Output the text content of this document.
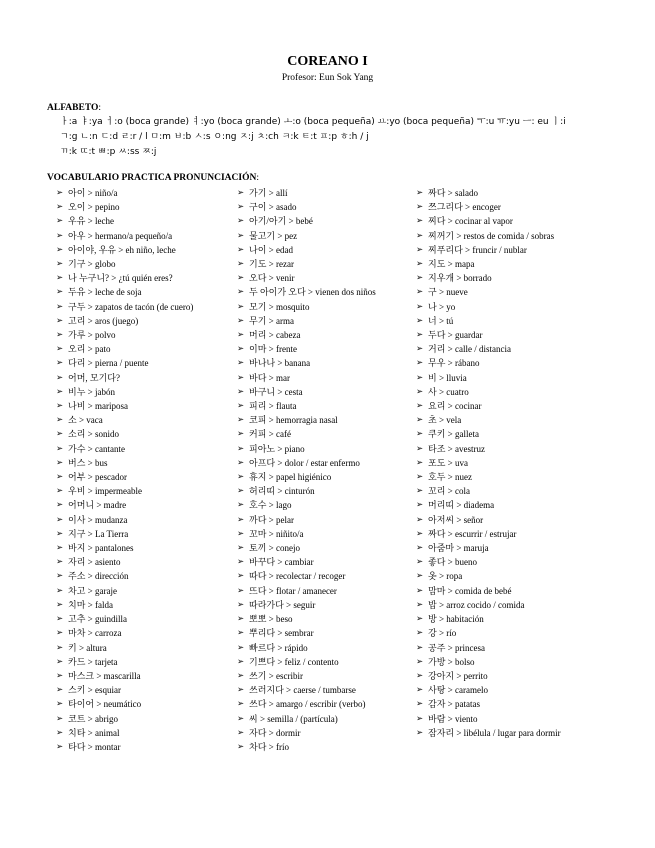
COREANO I
Profesor: Eun Sok Yang
ALFABETO:
ㅏ:a ㅑ:ya ㅓ:o (boca grande) ㅕ:yo (boca grande) ㅗ:o (boca pequeña) ㅛ:yo (boca pequeña) ㅜ:u ㅠ:yu ㅡ: eu ㅣ:i
ㄱ:g ㄴ:n ㄷ:d ㄹ:r / l ㅁ:m ㅂ:b ㅅ:s ㅇ:ng ㅈ:j ㅊ:ch ㅋ:k ㅌ:t ㅍ:p ㅎ:h / j
ㄲ:k ㄸ:t ㅃ:p ㅆ:ss ㅉ:j
VOCABULARIO PRACTICA PRONUNCIACIÓN:
➢ 아이 > niño/a
➢ 오이 > pepino
➢ 우유 > leche
➢ 아우 > hermano/a pequeño/a
➢ 아이야, 우유 > eh niño, leche
➢ 기구 > globo
➢ 나 누구니? > ¿tú quién eres?
➢ 두유 > leche de soja
➢ 구두 > zapatos de tacón (de cuero)
➢ 고리 > aros (juego)
➢ 가루 > polvo
➢ 오리 > pato
➢ 다리 > pierna / puente
➢ 어머, 모기다?
➢ 비누 > jabón
➢ 나비 > mariposa
➢ 소 > vaca
➢ 소리 > sonido
➢ 가수 > cantante
➢ 버스 > bus
➢ 어부 > pescador
➢ 우비 > impermeable
➢ 어머니 > madre
➢ 이사 > mudanza
➢ 지구 > La Tierra
➢ 바지 > pantalones
➢ 자리 > asiento
➢ 주소 > dirección
➢ 차고 > garaje
➢ 치마 > falda
➢ 고추 > guindilla
➢ 마차 > carroza
➢ 키 > altura
➢ 카드 > tarjeta
➢ 마스크 > mascarilla
➢ 스키 > esquiar
➢ 타이어 > neumático
➢ 코트 > abrigo
➢ 치타 > animal
➢ 타다 > montar
➢ 가기 > allí
➢ 구이 > asado
➢ 아기/아기 > bebé
➢ 물고기 > pez
➢ 나이 > edad
➢ 기도 > rezar
➢ 오다 > venir
➢ 두 아이가 오다 > vienen dos niños
➢ 모기 > mosquito
➢ 무기 > arma
➢ 머리 > cabeza
➢ 이마 > frente
➢ 바나나 > banana
➢ 바다 > mar
➢ 바구니 > cesta
➢ 피리 > flauta
➢ 코피 > hemorragia nasal
➢ 커피 > café
➢ 피아노 > piano
➢ 아프다 > dolor / estar enfermo
➢ 휴지 > papel higiénico
➢ 허리띠 > cinturón
➢ 호수 > lago
➢ 까다 > pelar
➢ 꼬마 > niñito/a
➢ 토끼 > conejo
➢ 바꾸다 > cambiar
➢ 따다 > recolectar / recoger
➢ 뜨다 > flotar / amanecer
➢ 따라가다 > seguir
➢ 뽀뽀 > beso
➢ 뿌리다 > sembrar
➢ 빠르다 > rápido
➢ 기쁘다 > feliz / contento
➢ 쓰기 > escribir
➢ 쓰러지다 > caerse / tumbarse
➢ 쓰다 > amargo / escribir (verbo)
➢ 씨 > semilla / (partícula)
➢ 자다 > dormir
➢ 차다 > frío
➢ 짜다 > salado
➢ 쯔그리다 > encoger
➢ 찌다 > cocinar al vapor
➢ 찌꺼기 > restos de comida / sobras
➢ 찌푸리다 > fruncir / nublar
➢ 지도 > mapa
➢ 지우개 > borrado
➢ 구 > nueve
➢ 나 > yo
➢ 너 > tú
➢ 두다 > guardar
➢ 거리 > calle / distancia
➢ 무우 > rábano
➢ 비 > lluvia
➢ 사 > cuatro
➢ 요리 > cocinar
➢ 초 > vela
➢ 쿠키 > galleta
➢ 타조 > avestruz
➢ 포도 > uva
➢ 호두 > nuez
➢ 꼬리 > cola
➢ 머리띠 > diadema
➢ 아저씨 > señor
➢ 짜다 > escurrir / estrujar
➢ 아줌마 > maruja
➢ 좋다 > bueno
➢ 옷 > ropa
➢ 맘마 > comida de bebé
➢ 밥 > arroz cocido / comida
➢ 방 > habitación
➢ 강 > río
➢ 공주 > princesa
➢ 가방 > bolso
➢ 강아지 > perrito
➢ 사탕 > caramelo
➢ 감자 > patatas
➢ 바람 > viento
➢ 잠자리 > libélula / lugar para dormir
